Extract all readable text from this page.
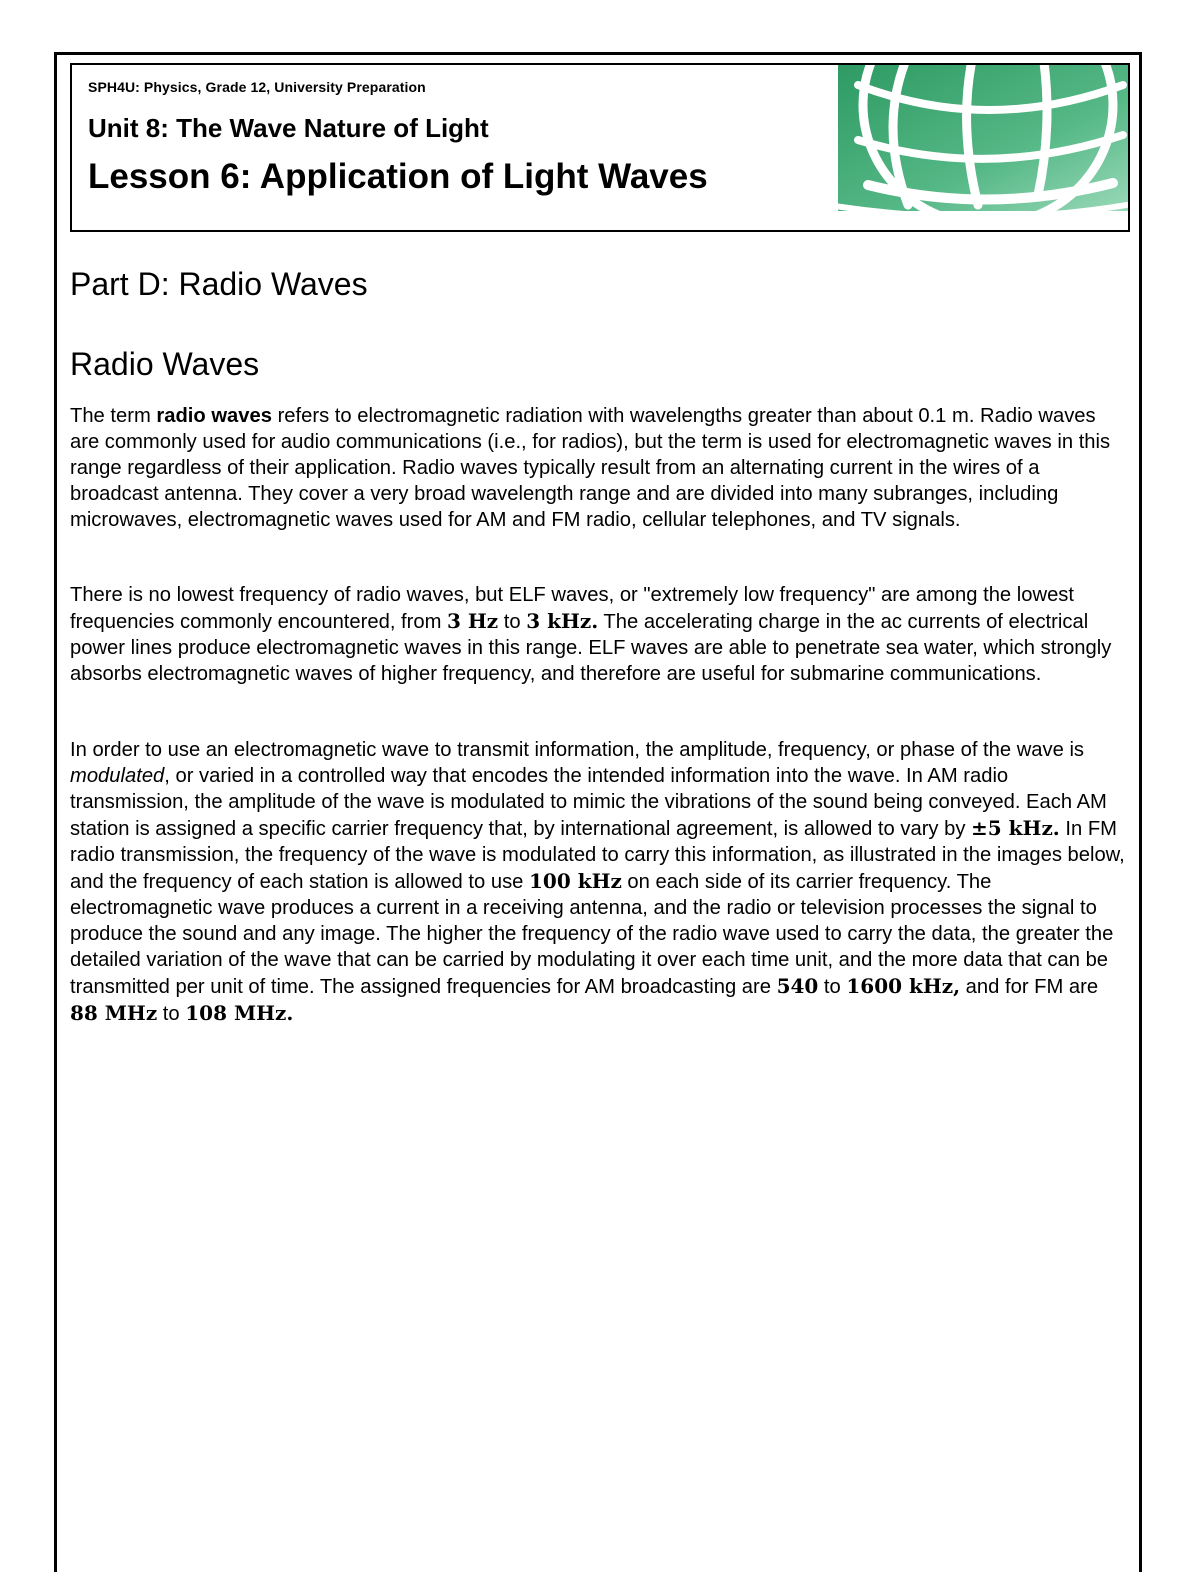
SPH4U: Physics, Grade 12, University Preparation
Unit 8: The Wave Nature of Light
Lesson 6: Application of Light Waves
Part D: Radio Waves
Radio Waves

The term radio waves refers to electromagnetic radiation with wavelengths greater than about 0.1 m. Radio waves are commonly used for audio communications (i.e., for radios), but the term is used for electromagnetic waves in this range regardless of their application. Radio waves typically result from an alternating current in the wires of a broadcast antenna. They cover a very broad wavelength range and are divided into many subranges, including microwaves, electromagnetic waves used for AM and FM radio, cellular telephones, and TV signals.

There is no lowest frequency of radio waves, but ELF waves, or "extremely low frequency" are among the lowest frequencies commonly encountered, from 3 Hz to 3 kHz. The accelerating charge in the ac currents of electrical power lines produce electromagnetic waves in this range. ELF waves are able to penetrate sea water, which strongly absorbs electromagnetic waves of higher frequency, and therefore are useful for submarine communications.

In order to use an electromagnetic wave to transmit information, the amplitude, frequency, or phase of the wave is modulated, or varied in a controlled way that encodes the intended information into the wave. In AM radio transmission, the amplitude of the wave is modulated to mimic the vibrations of the sound being conveyed. Each AM station is assigned a specific carrier frequency that, by international agreement, is allowed to vary by ±5 kHz. In FM radio transmission, the frequency of the wave is modulated to carry this information, as illustrated in the images below, and the frequency of each station is allowed to use 100 kHz on each side of its carrier frequency. The electromagnetic wave produces a current in a receiving antenna, and the radio or television processes the signal to produce the sound and any image. The higher the frequency of the radio wave used to carry the data, the greater the detailed variation of the wave that can be carried by modulating it over each time unit, and the more data that can be transmitted per unit of time. The assigned frequencies for AM broadcasting are 540 to 1600 kHz, and for FM are 88 MHz to 108 MHz.
